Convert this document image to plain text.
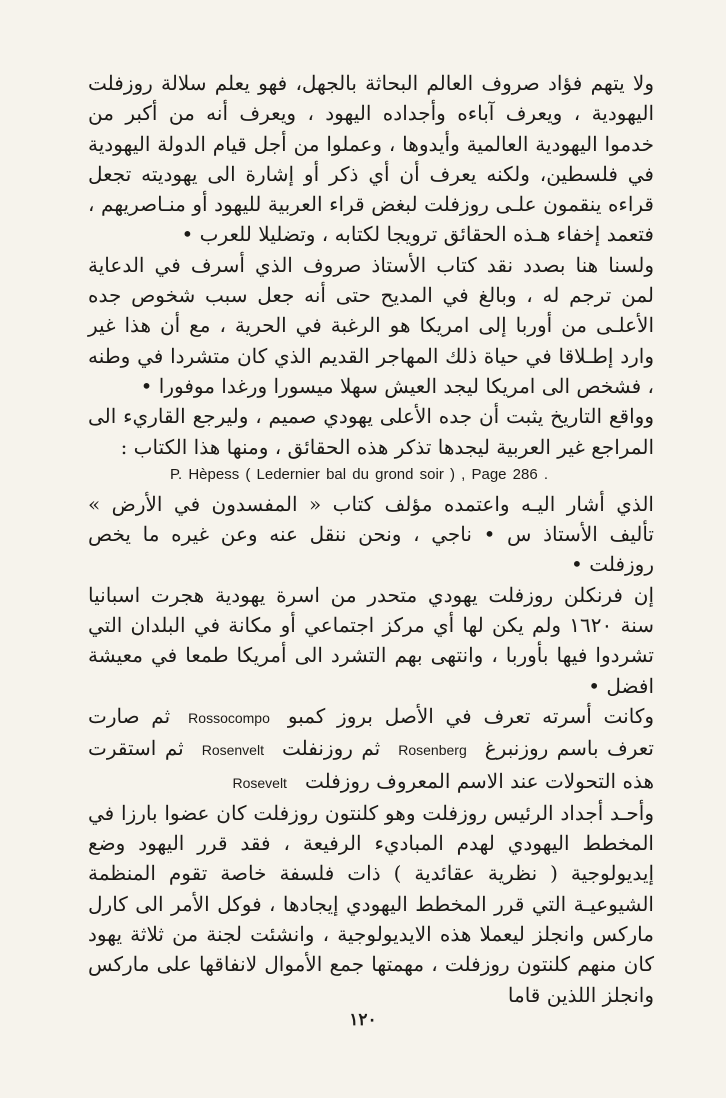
ولا يتهم فؤاد صروف العالم البحاثة بالجهل، فهو يعلم سلالة روزفلت اليهودية ، ويعرف آباءه وأجداده اليهود ، ويعرف أنه من أكبر من خدموا اليهودية العالمية وأيدوها ، وعملوا من أجل قيام الدولة اليهودية في فلسطين، ولكنه يعرف أن أي ذكر أو إشارة الى يهوديته تجعل قراءه ينقمون علـى روزفلت لبغض قراء العربية لليهود أو منـاصريهم ، فتعمد إخفاء هـذه الحقائق ترويجا لكتابه ، وتضليلا للعرب •

ولسنا هنا بصدد نقد كتاب الأستاذ صروف الذي أسرف في الدعاية لمن ترجم له ، وبالغ في المديح حتى أنه جعل سبب شخوص جده الأعلـى من أوربا إلى امريكا هو الرغبة في الحرية ، مع أن هذا غير وارد إطـلاقا في حياة ذلك المهاجر القديم الذي كان متشردا في وطنه ، فشخص الى امريكا ليجد العيش سهلا ميسورا ورغدا موفورا •

وواقع التاريخ يثبت أن جده الأعلى يهودي صميم ، وليرجع القاريء الى المراجع غير العربية ليجدها تذكر هذه الحقائق ، ومنها هذا الكتاب :

P. Hèpess ( Ledernier bal du grond soir ) , Page 286 .

الذي أشار اليـه واعتمده مؤلف كتاب « المفسدون في الأرض » تأليف الأستاذ س • ناجي ، ونحن ننقل عنه وعن غيره ما يخص روزفلت •

إن فرنكلن روزفلت يهودي متحدر من اسرة يهودية هجرت اسبانيا سنة ١٦٢٠ ولم يكن لها أي مركز اجتماعي أو مكانة في البلدان التي تشردوا فيها بأوربا ، وانتهى بهم التشرد الى أمريكا طمعا في معيشة افضل •

وكانت أسرته تعرف في الأصل بروز كمبوRossocompoثم صارت تعرف باسم روزنبرغRosenbergثم روزنفلتRosenveltثم استقرت هذه التحولات عند الاسم المعروف روزفلتRosevelt

وأحـد أجداد الرئيس روزفلت وهو كلنتون روزفلت كان عضوا بارزا في المخطط اليهودي لهدم المباديء الرفيعة ، فقد قرر اليهود وضع إيديولوجية ( نظرية عقائدية ) ذات فلسفة خاصة تقوم المنظمة الشيوعيـة التي قرر المخطط اليهودي إيجادها ، فوكل الأمر الى كارل ماركس وانجلز ليعملا هذه الايديولوجية ، وانشئت لجنة من ثلاثة يهود كان منهم كلنتون روزفلت ، مهمتها جمع الأموال لانفاقها على ماركس وانجلز اللذين قاما

١٢٠
